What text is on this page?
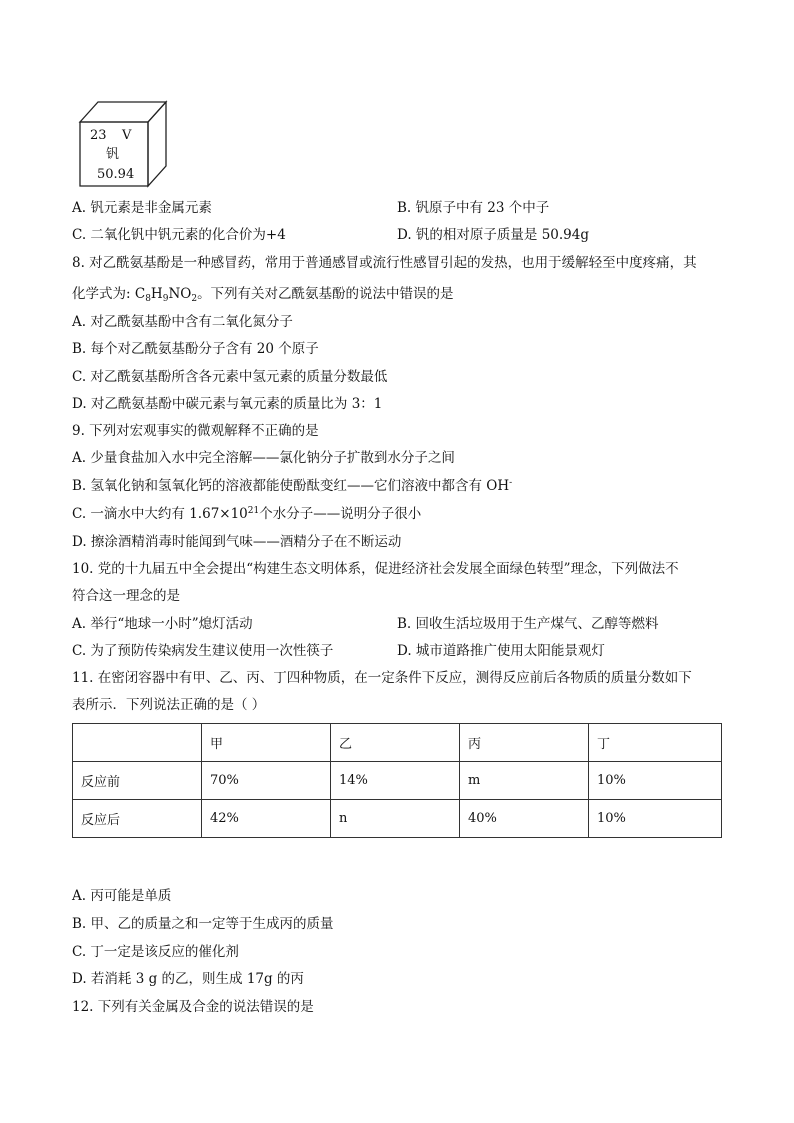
23 V
钒
50.94
A. 钒元素是非金属元素	B. 钒原子中有 23 个中子
C. 二氧化钒中钒元素的化合价为+4	D. 钒的相对原子质量是 50.94g
8. 对乙酰氨基酚是一种感冒药，常用于普通感冒或流行性感冒引起的发热，也用于缓解轻至中度疼痛，其
化学式为: $C_8H_9NO_2$。下列有关对乙酰氨基酚的说法中错误的是
A. 对乙酰氨基酚中含有二氧化氮分子
B. 每个对乙酰氨基酚分子含有 20 个原子
C. 对乙酰氨基酚所含各元素中氢元素的质量分数最低
D. 对乙酰氨基酚中碳元素与氧元素的质量比为 3：1
9. 下列对宏观事实的微观解释不正确的是
A. 少量食盐加入水中完全溶解——氯化钠分子扩散到水分子之间
B. 氢氧化钠和氢氧化钙的溶液都能使酚酞变红——它们溶液中都含有 OH-
C. 一滴水中大约有 $1.67\times 10^{21}$个水分子——说明分子很小
D. 擦涂酒精消毒时能闻到气味——酒精分子在不断运动
10. 党的十九届五中全会提出“构建生态文明体系，促进经济社会发展全面绿色转型”理念，下列做法不
符合这一理念的是
A. 举行“地球一小时”熄灯活动	B. 回收生活垃圾用于生产煤气、乙醇等燃料
C. 为了预防传染病发生建议使用一次性筷子	D. 城市道路推广使用太阳能景观灯
11. 在密闭容器中有甲、乙、丙、丁四种物质，在一定条件下反应，测得反应前后各物质的质量分数如下
表所示．下列说法正确的是（ ）
	甲	乙	丙	丁
反应前	70%	14%	m	10%
反应后	42%	n	40%	10%
A. 丙可能是单质
B. 甲、乙的质量之和一定等于生成丙的质量
C. 丁一定是该反应的催化剂
D. 若消耗 3 g 的乙，则生成 17g 的丙
12. 下列有关金属及合金的说法错误的是
